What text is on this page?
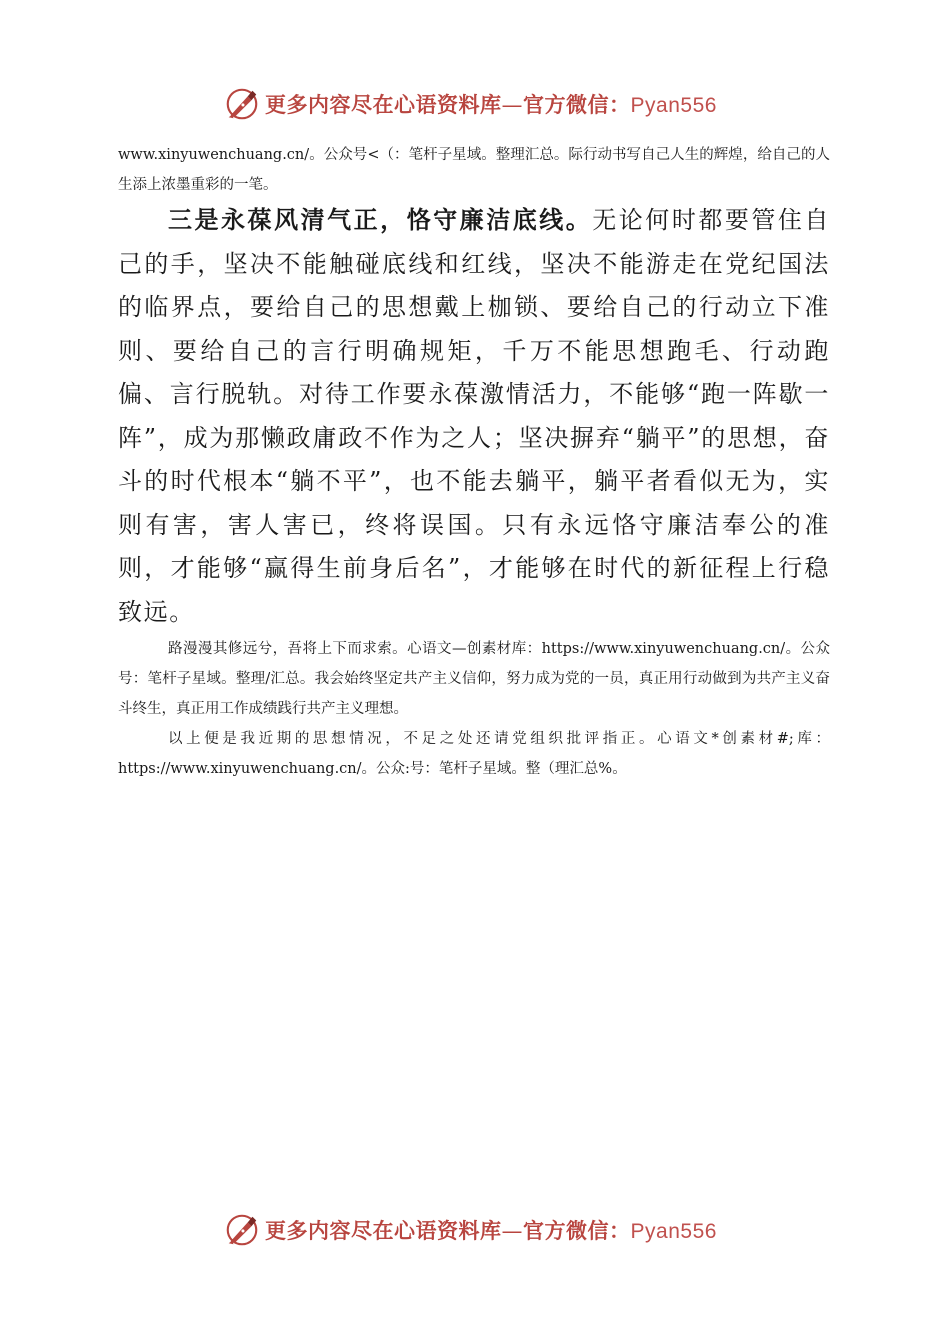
更多内容尽在心语资料库—官方微信：Pyan556

www.xinyuwenchuang.cn/。公众号<（：笔杆子星域。整理汇总。际行动书写自己人生的辉煌，给自己的人生添上浓墨重彩的一笔。

三是永葆风清气正，恪守廉洁底线。无论何时都要管住自己的手，坚决不能触碰底线和红线，坚决不能游走在党纪国法的临界点，要给自己的思想戴上枷锁、要给自己的行动立下准则、要给自己的言行明确规矩，千万不能思想跑毛、行动跑偏、言行脱轨。对待工作要永葆激情活力，不能够“跑一阵歇一阵”，成为那懒政庸政不作为之人；坚决摒弃“躺平”的思想，奋斗的时代根本“躺不平”，也不能去躺平，躺平者看似无为，实则有害，害人害已，终将误国。只有永远恪守廉洁奉公的准则，才能够“赢得生前身后名”，才能够在时代的新征程上行稳致远。

路漫漫其修远兮，吾将上下而求索。心语文—创素材库：https://www.xinyuwenchuang.cn/。公众号：笔杆子星域。整理/汇总。我会始终坚定共产主义信仰，努力成为党的一员，真正用行动做到为共产主义奋斗终生，真正用工作成绩践行共产主义理想。

以上便是我近期的思想情况，不足之处还请党组织批评指正。心语文*创素材#;库：https://www.xinyuwenchuang.cn/。公众:号：笔杆子星域。整（理汇总%。

更多内容尽在心语资料库—官方微信：Pyan556
